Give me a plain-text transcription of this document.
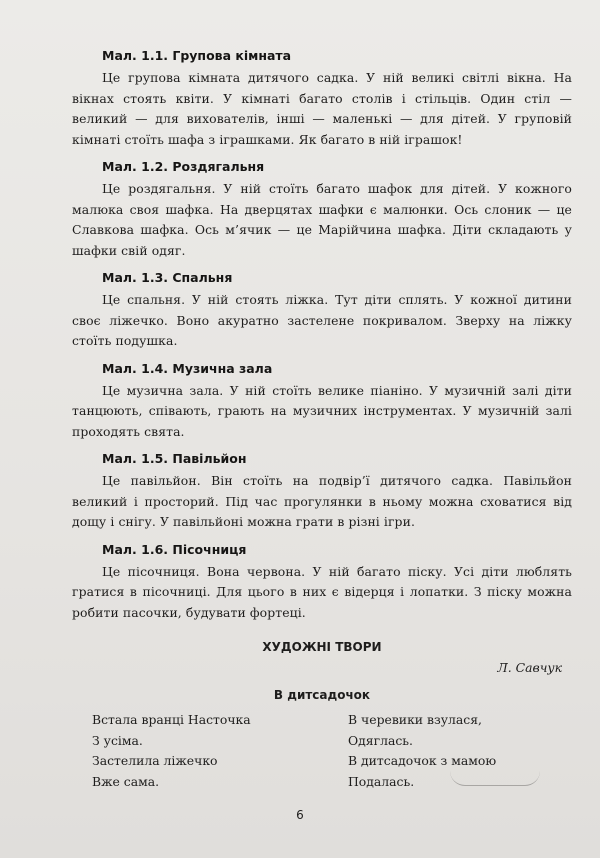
Мал. 1.1. Групова кімната

Це групова кімната дитячого садка. У ній великі світлі вікна. На вікнах стоять квіти. У кімнаті багато столів і стільців. Один стіл — великий — для вихователів, інші — маленькі — для дітей. У груповій кімнаті стоїть шафа з іграшками. Як багато в ній іграшок!

Мал. 1.2. Роздягальня

Це роздягальня. У ній стоїть багато шафок для дітей. У кожного малюка своя шафка. На дверцятах шафки є малюнки. Ось слоник — це Славкова шафка. Ось м’ячик — це Марійчина шафка. Діти складають у шафки свій одяг.

Мал. 1.3. Спальня

Це спальня. У ній стоять ліжка. Тут діти сплять. У кожної дитини своє ліжечко. Воно акуратно застелене покривалом. Зверху на ліжку стоїть подушка.

Мал. 1.4. Музична зала

Це музична зала. У ній стоїть велике піаніно. У музичній залі діти танцюють, співають, грають на музичних інструментах. У музичній залі проходять свята.

Мал. 1.5. Павільйон

Це павільйон. Він стоїть на подвір’ї дитячого садка. Павільйон великий і просторий. Під час прогулянки в ньому можна сховатися від дощу і снігу. У павільйоні можна грати в різні ігри.

Мал. 1.6. Пісочниця

Це пісочниця. Вона червона. У ній багато піску. Усі діти люблять гратися в пісочниці. Для цього в них є відерця і лопатки. З піску можна робити пасочки, будувати фортеці.

ХУДОЖНІ ТВОРИ
Л. Савчук
В дитсадочок
Встала вранці Насточка
З усіма.
Застелила ліжечко
Вже сама.
В черевики взулася,
Одяглась.
В дитсадочок з мамою
Подалась.
6
